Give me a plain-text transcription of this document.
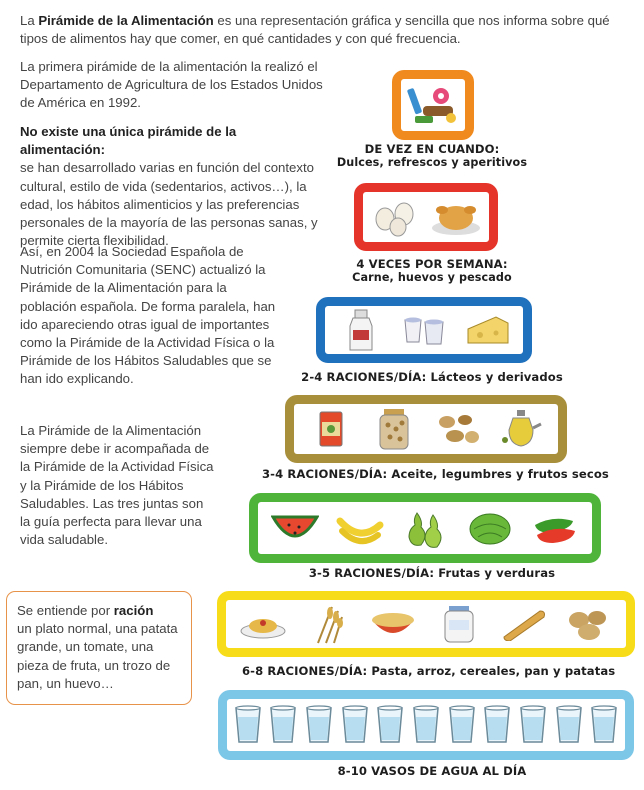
La Pirámide de la Alimentación es una representación gráfica y sencilla que nos informa sobre qué tipos de alimentos hay que comer, en qué cantidades y con qué frecuencia.
La primera pirámide de la alimentación la realizó el Departamento de Agricultura de los Estados Unidos de América en 1992.
No existe una única pirámide de la alimentación:
se han desarrollado varias en función del contexto cultural, estilo de vida (sedentarios, activos…), la edad, los hábitos alimenticios y las preferencias personales de la mayoría de las personas sanas, y permite cierta flexibilidad.
Así, en 2004 la Sociedad Española de Nutrición Comunitaria (SENC) actualizó la Pirámide de la Alimentación para la población española. De forma paralela, han ido apareciendo otras igual de importantes como la Pirámide de la Actividad Física o la Pirámide de los Hábitos Saludables que se han ido explicando.
La Pirámide de la Alimentación siempre debe ir acompañada de la Pirámide de la Actividad Física y la Pirámide de los Hábitos Saludables. Las tres juntas son la guía perfecta para llevar una vida saludable.
Se entiende por ración
un plato normal, una patata grande, un tomate, una pieza de fruta, un trozo de pan, un huevo…
DE VEZ EN CUANDO:
Dulces, refrescos y aperitivos
4 VECES POR SEMANA:
Carne, huevos y pescado
2-4 RACIONES/DÍA: Lácteos y derivados
3-4 RACIONES/DÍA: Aceite, legumbres y frutos secos
3-5 RACIONES/DÍA: Frutas y verduras
6-8 RACIONES/DÍA: Pasta, arroz, cereales, pan y patatas
8-10 VASOS DE AGUA AL DÍA
